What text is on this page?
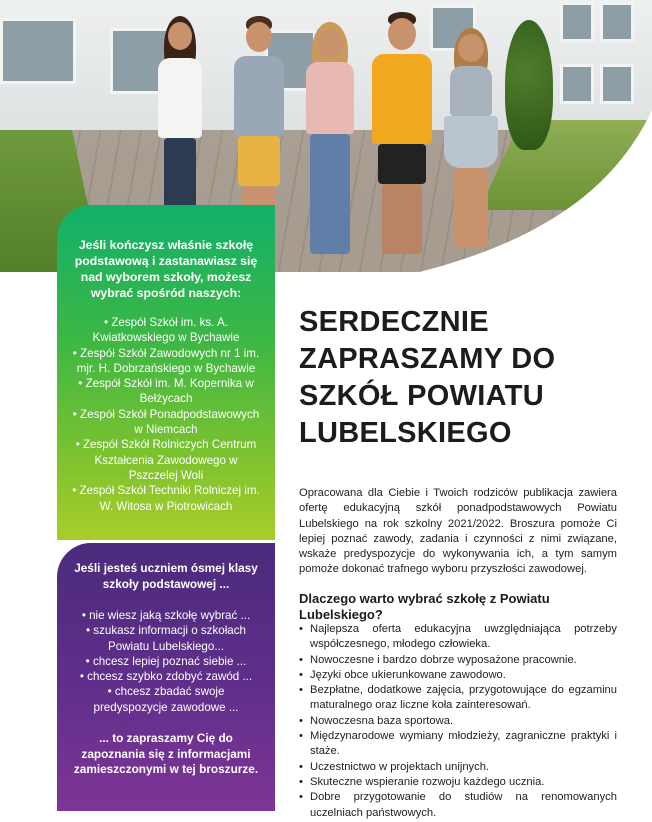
Jeśli kończysz właśnie szkołę podstawową i zastanawiasz się nad wyborem szkoły, możesz wybrać spośród naszych:

• Zespół Szkół im. ks. A. Kwiatkowskiego w Bychawie
• Zespół Szkół Zawodowych nr 1 im. mjr. H. Dobrzańskiego w Bychawie
• Zespół Szkół im. M. Kopernika w Bełżycach
• Zespół Szkół Ponadpodstawowych w Niemcach
• Zespół Szkół Rolniczych Centrum Kształcenia Zawodowego w Pszczelej Woli
• Zespół Szkół Techniki Rolniczej im. W. Witosa w Piotrowicach

Jeśli jesteś uczniem ósmej klasy szkoły podstawowej ...

• nie wiesz jaką szkołę wybrać ...
• szukasz informacji o szkołach Powiatu Lubelskiego...
• chcesz lepiej poznać siebie ...
• chcesz szybko zdobyć zawód ...
• chcesz zbadać swoje predyspozycje zawodowe ...

... to zapraszamy Cię do zapoznania się z informacjami zamieszczonymi w tej broszurze.

SERDECZNIE ZAPRASZAMY DO SZKÓŁ POWIATU LUBELSKIEGO

Opracowana dla Ciebie i Twoich rodziców publikacja zawiera ofertę edukacyjną szkół ponadpodstawowych Powiatu Lubelskiego na rok szkolny 2021/2022. Broszura pomoże Ci lepiej poznać zawody, zadania i czynności z nimi związane, wskaże predyspozycje do wykonywania ich, a tym samym pomoże dokonać trafnego wyboru przyszłości zawodowej.

Dlaczego warto wybrać szkołę z Powiatu Lubelskiego?
• Najlepsza oferta edukacyjna uwzględniająca potrzeby współczesnego, młodego człowieka.
• Nowoczesne i bardzo dobrze wyposażone pracownie.
• Języki obce ukierunkowane zawodowo.
• Bezpłatne, dodatkowe zajęcia, przygotowujące do egzaminu maturalnego oraz liczne koła zainteresowań.
• Nowoczesna baza sportowa.
• Międzynarodowe wymiany młodzieży, zagraniczne praktyki i staże.
• Uczestnictwo w projektach unijnych.
• Skuteczne wspieranie rozwoju każdego ucznia.
• Dobre przygotowanie do studiów na renomowanych uczelniach państwowych.
